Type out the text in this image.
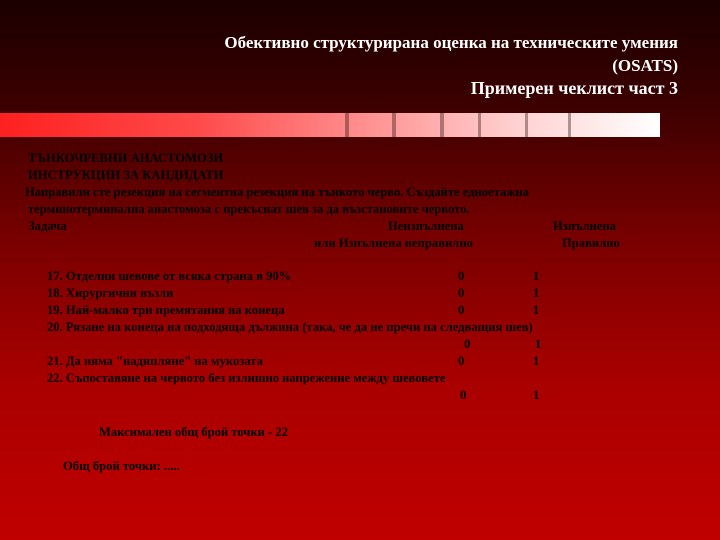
Обективно структурирана оценка на техническите умения
(OSATS)
Примерен чеклист част 3
ТЪНКОЧРЕВНИ АНАСТОМОЗИ
ИНСТРУКЦИИ ЗА КАНДИДАТИ
Направили сте резекция на сегментна резекция на тънкото черво. Създайте едноетажна
терминотерминална анастомоза с прекъснат шев за да възстановите червото.
Задача	Неизпълнена	Изпълнена
или Изпълнена неправилно	Правилно
17. Отделни шевове от всяка страна в 90%	0	1
18. Хирургични възли	0	1
19. Най-малко три премятания на конеца	0	1
20. Рязане на конеца на подходяща дължина (така, че да не пречи на следващия шев)
0	1
21. Да няма "надипляне" на мукозата	0	1
22. Съпоставяне на червото без излишно напрежение между шевовете
0	1
Максимален общ брой точки - 22
Общ брой точки: .....
